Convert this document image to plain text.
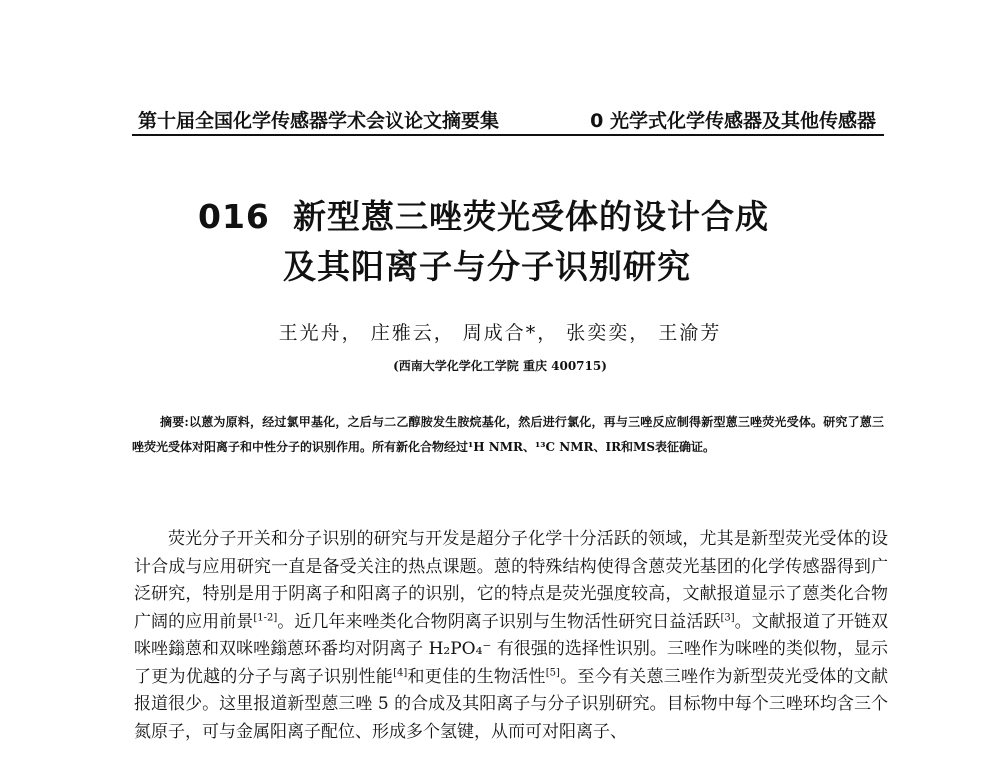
第十届全国化学传感器学术会议论文摘要集	0 光学式化学传感器及其他传感器
016 新型蒽三唑荧光受体的设计合成
及其阳离子与分子识别研究
王光舟， 庄雅云， 周成合*， 张奕奕， 王渝芳
(西南大学化学化工学院 重庆 400715)
摘要:以蒽为原料，经过氯甲基化，之后与二乙醇胺发生胺烷基化，然后进行氯化，再与三唑反应制得新型蒽三唑荧光受体。研究了蒽三唑荧光受体对阳离子和中性分子的识别作用。所有新化合物经过¹H NMR、¹³C NMR、IR和MS表征确证。
荧光分子开关和分子识别的研究与开发是超分子化学十分活跃的领域，尤其是新型荧光受体的设计合成与应用研究一直是备受关注的热点课题。蒽的特殊结构使得含蒽荧光基团的化学传感器得到广泛研究，特别是用于阴离子和阳离子的识别，它的特点是荧光强度较高，文献报道显示了蒽类化合物广阔的应用前景[1-2]。近几年来唑类化合物阴离子识别与生物活性研究日益活跃[3]。文献报道了开链双咪唑鎓蒽和双咪唑鎓蒽环番均对阴离子 H₂PO₄⁻ 有很强的选择性识别。三唑作为咪唑的类似物，显示了更为优越的分子与离子识别性能[4]和更佳的生物活性[5]。至今有关蒽三唑作为新型荧光受体的文献报道很少。这里报道新型蒽三唑 5 的合成及其阳离子与分子识别研究。目标物中每个三唑环均含三个氮原子，可与金属阳离子配位、形成多个氢键，从而可对阳离子、
